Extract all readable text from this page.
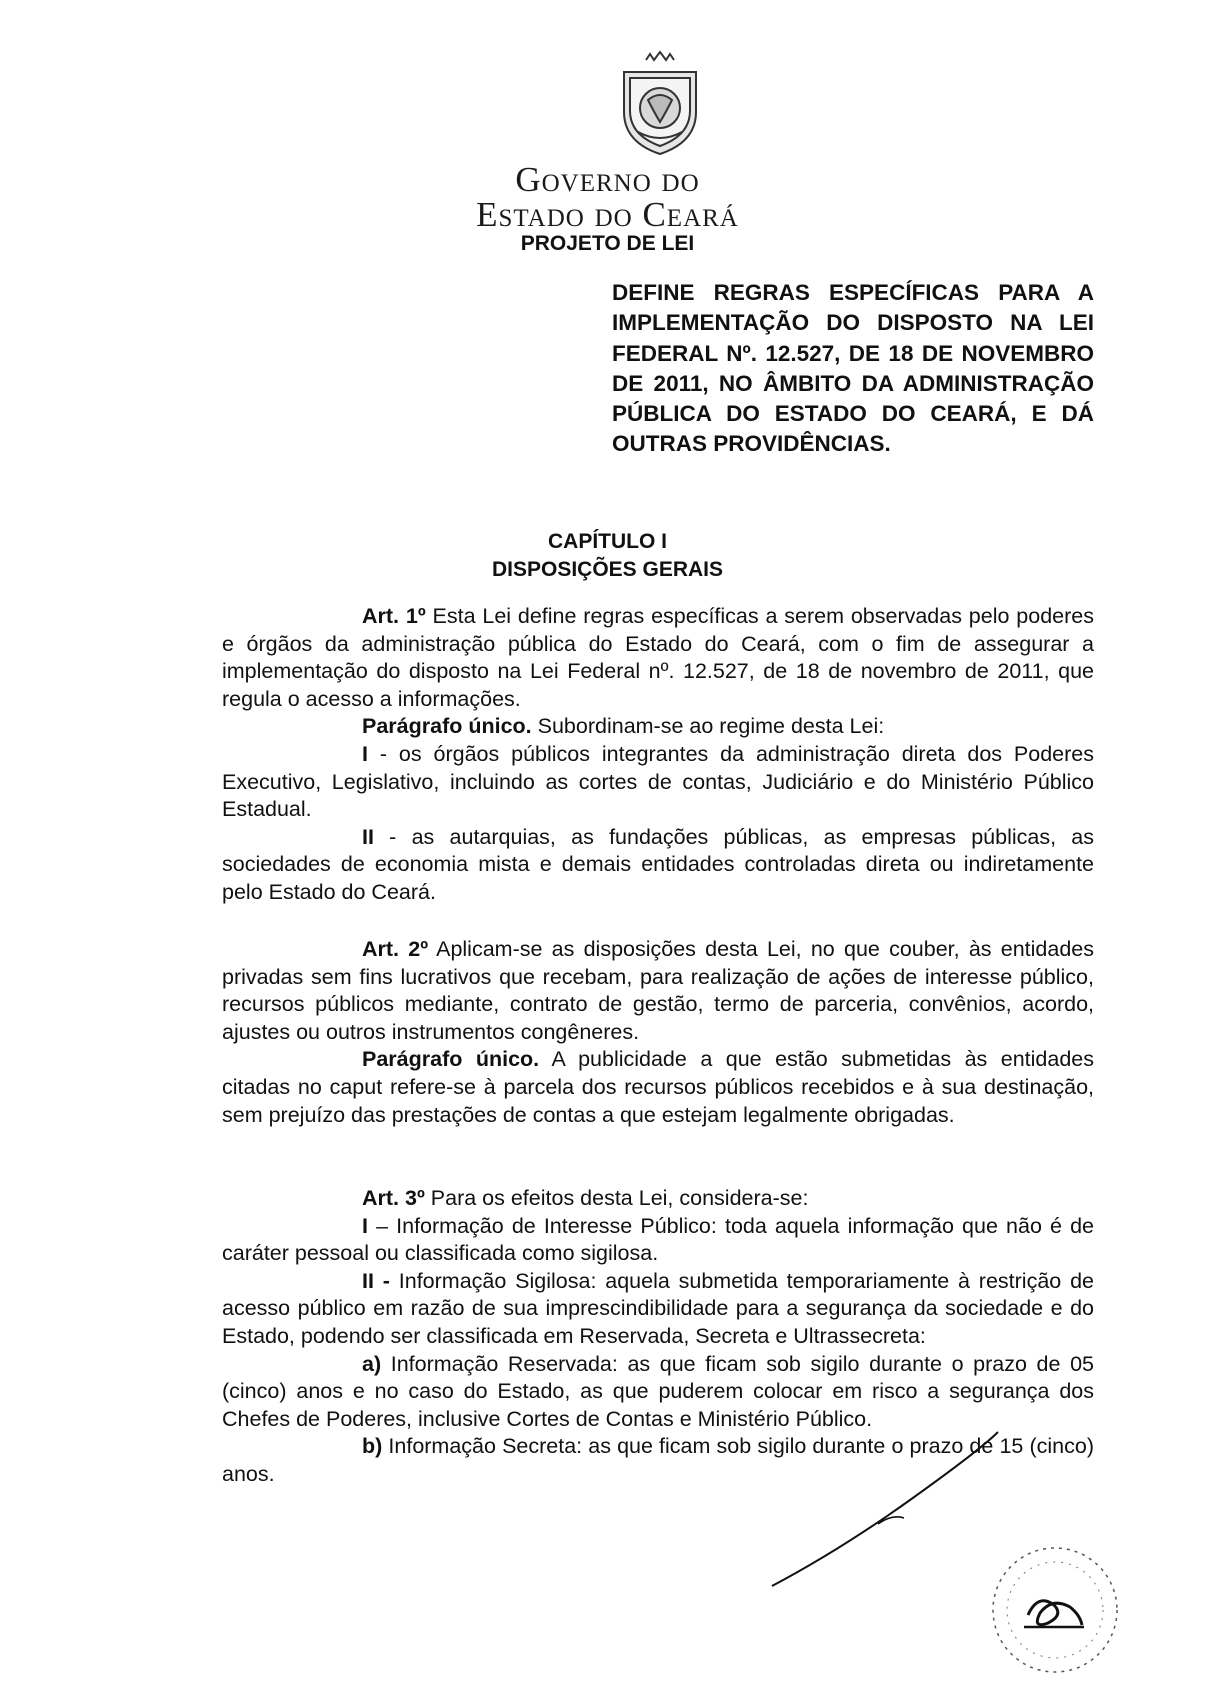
Governo do
Estado do Ceará
PROJETO DE LEI
DEFINE REGRAS ESPECÍFICAS PARA A IMPLEMENTAÇÃO DO DISPOSTO NA LEI FEDERAL Nº. 12.527, DE 18 DE NOVEMBRO DE 2011, NO ÂMBITO DA ADMINISTRAÇÃO PÚBLICA DO ESTADO DO CEARÁ, E DÁ OUTRAS PROVIDÊNCIAS.
CAPÍTULO I
DISPOSIÇÕES GERAIS

Art. 1º Esta Lei define regras específicas a serem observadas pelo poderes e órgãos da administração pública do Estado do Ceará, com o fim de assegurar a implementação do disposto na Lei Federal nº. 12.527, de 18 de novembro de 2011, que regula o acesso a informações.

Parágrafo único. Subordinam-se ao regime desta Lei:

I - os órgãos públicos integrantes da administração direta dos Poderes Executivo, Legislativo, incluindo as cortes de contas, Judiciário e do Ministério Público Estadual.

II - as autarquias, as fundações públicas, as empresas públicas, as sociedades de economia mista e demais entidades controladas direta ou indiretamente pelo Estado do Ceará.

Art. 2º Aplicam-se as disposições desta Lei, no que couber, às entidades privadas sem fins lucrativos que recebam, para realização de ações de interesse público, recursos públicos mediante, contrato de gestão, termo de parceria, convênios, acordo, ajustes ou outros instrumentos congêneres.

Parágrafo único. A publicidade a que estão submetidas às entidades citadas no caput refere-se à parcela dos recursos públicos recebidos e à sua destinação, sem prejuízo das prestações de contas a que estejam legalmente obrigadas.

Art. 3º Para os efeitos desta Lei, considera-se:

I – Informação de Interesse Público: toda aquela informação que não é de caráter pessoal ou classificada como sigilosa.

II - Informação Sigilosa: aquela submetida temporariamente à restrição de acesso público em razão de sua imprescindibilidade para a segurança da sociedade e do Estado, podendo ser classificada em Reservada, Secreta e Ultrassecreta:

a) Informação Reservada: as que ficam sob sigilo durante o prazo de 05 (cinco) anos e no caso do Estado, as que puderem colocar em risco a segurança dos Chefes de Poderes, inclusive Cortes de Contas e Ministério Público.

b) Informação Secreta: as que ficam sob sigilo durante o prazo de 15 (cinco) anos.
